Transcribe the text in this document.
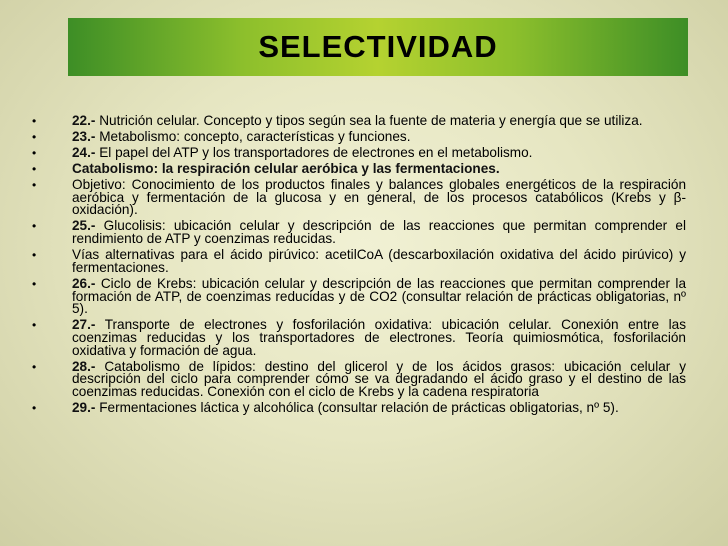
SELECTIVIDAD
•	22.- Nutrición celular. Concepto y tipos según sea la fuente de materia y energía que se utiliza.
•	23.- Metabolismo: concepto, características y funciones.
•	24.- El papel del ATP y los transportadores de electrones en el metabolismo.
•	Catabolismo: la respiración celular aeróbica y las fermentaciones.
•	Objetivo: Conocimiento de los productos finales y balances globales energéticos de la respiración aeróbica y fermentación de la glucosa y en general, de los procesos catabólicos (Krebs y β-oxidación).
•	25.- Glucolisis: ubicación celular y descripción de las reacciones que permitan comprender el rendimiento de ATP y coenzimas reducidas.
•	Vías alternativas para el ácido pirúvico: acetilCoA (descarboxilación oxidativa del ácido pirúvico) y fermentaciones.
•	26.- Ciclo de Krebs: ubicación celular y descripción de las reacciones que permitan comprender la formación de ATP, de coenzimas reducidas y de CO2 (consultar relación de prácticas obligatorias, nº 5).
•	27.- Transporte de electrones y fosforilación oxidativa: ubicación celular. Conexión entre las coenzimas reducidas y los transportadores de electrones. Teoría quimiosmótica, fosforilación oxidativa y formación de agua.
•	28.- Catabolismo de lípidos: destino del glicerol y de los ácidos grasos: ubicación celular y descripción del ciclo para comprender cómo se va degradando el ácido graso y el destino de las coenzimas reducidas. Conexión con el ciclo de Krebs y la cadena respiratoria
•	29.- Fermentaciones láctica y alcohólica (consultar relación de prácticas obligatorias, nº 5).
